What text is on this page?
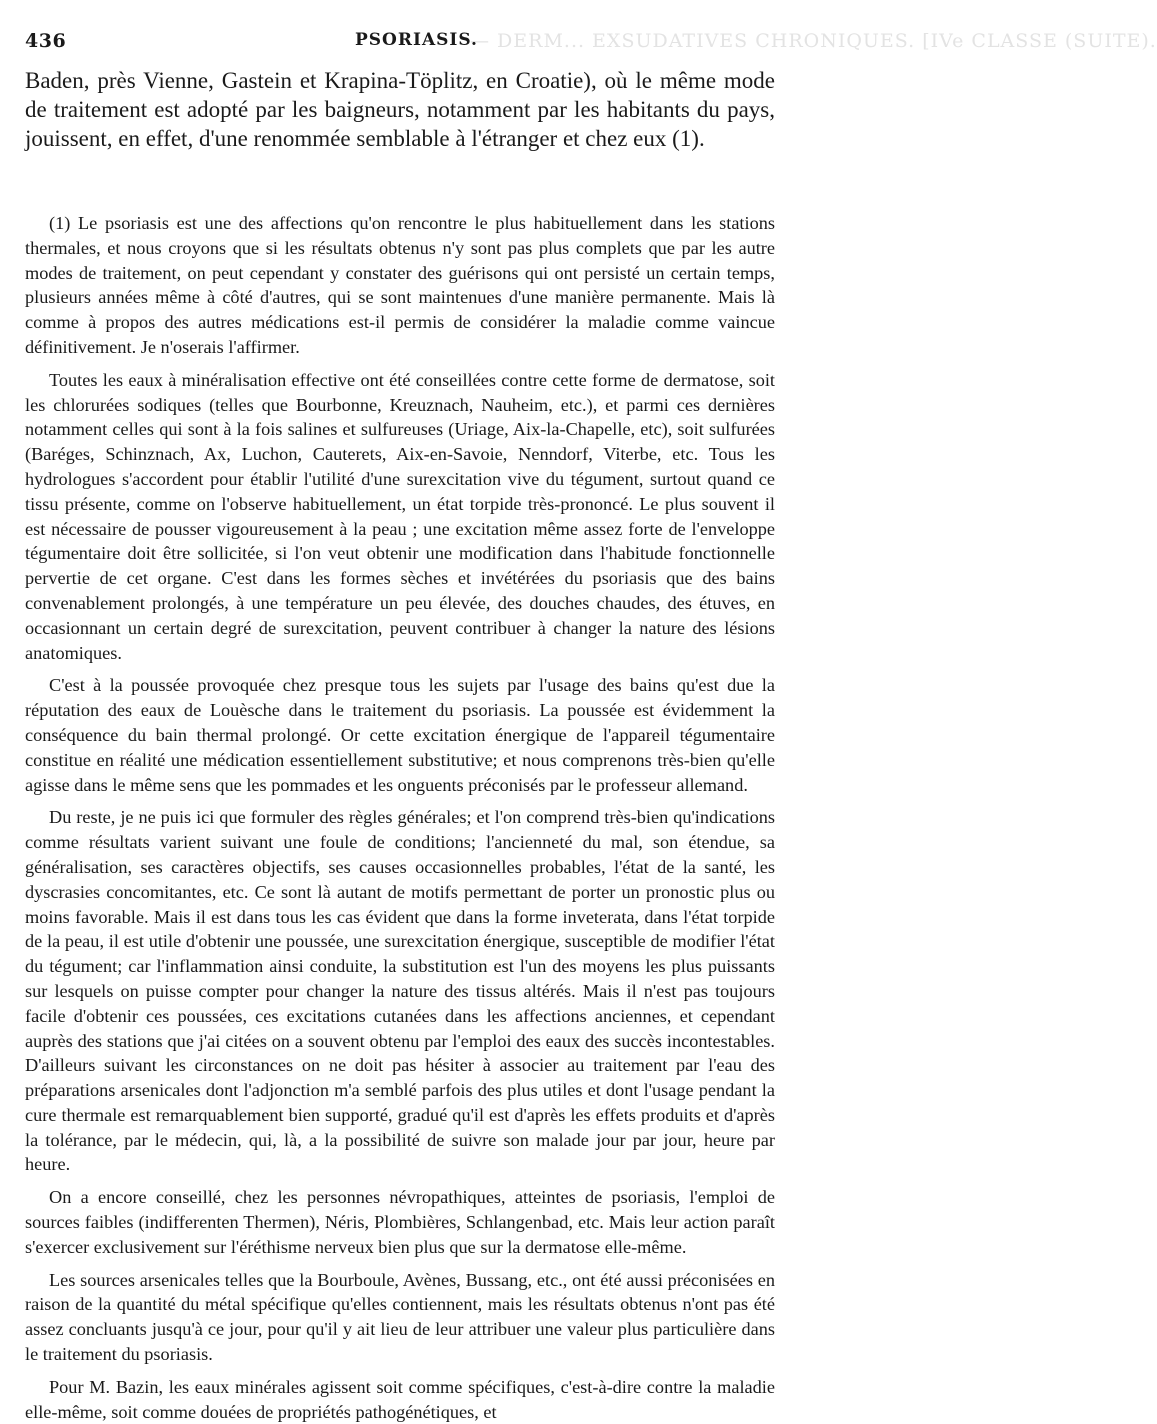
— DERM... EXSUDATIVES CHRONIQUES. [IVe CLASSE (SUITE).
436	PSORIASIS.

Baden, près Vienne, Gastein et Krapina-Töplitz, en Croatie), où le même mode de traitement est adopté par les baigneurs, notamment par les habitants du pays, jouissent, en effet, d'une renommée semblable à l'étranger et chez eux (1).

(1) Le psoriasis est une des affections qu'on rencontre le plus habituellement dans les stations thermales, et nous croyons que si les résultats obtenus n'y sont pas plus complets que par les autre modes de traitement, on peut cependant y constater des guérisons qui ont persisté un certain temps, plusieurs années même à côté d'autres, qui se sont maintenues d'une manière permanente. Mais là comme à propos des autres médications est-il permis de considérer la maladie comme vaincue définitivement. Je n'oserais l'affirmer.

Toutes les eaux à minéralisation effective ont été conseillées contre cette forme de dermatose, soit les chlorurées sodiques (telles que Bourbonne, Kreuznach, Nauheim, etc.), et parmi ces dernières notamment celles qui sont à la fois salines et sulfureuses (Uriage, Aix-la-Chapelle, etc), soit sulfurées (Baréges, Schinznach, Ax, Luchon, Cauterets, Aix-en-Savoie, Nenndorf, Viterbe, etc. Tous les hydrologues s'accordent pour établir l'utilité d'une surexcitation vive du tégument, surtout quand ce tissu présente, comme on l'observe habituellement, un état torpide très-prononcé. Le plus souvent il est nécessaire de pousser vigoureusement à la peau ; une excitation même assez forte de l'enveloppe tégumentaire doit être sollicitée, si l'on veut obtenir une modification dans l'habitude fonctionnelle pervertie de cet organe. C'est dans les formes sèches et invétérées du psoriasis que des bains convenablement prolongés, à une température un peu élevée, des douches chaudes, des étuves, en occasionnant un certain degré de surexcitation, peuvent contribuer à changer la nature des lésions anatomiques.

C'est à la poussée provoquée chez presque tous les sujets par l'usage des bains qu'est due la réputation des eaux de Louèsche dans le traitement du psoriasis. La poussée est évidemment la conséquence du bain thermal prolongé. Or cette excitation énergique de l'appareil tégumentaire constitue en réalité une médication essentiellement substitutive; et nous comprenons très-bien qu'elle agisse dans le même sens que les pommades et les onguents préconisés par le professeur allemand.

Du reste, je ne puis ici que formuler des règles générales; et l'on comprend très-bien qu'indications comme résultats varient suivant une foule de conditions; l'ancienneté du mal, son étendue, sa généralisation, ses caractères objectifs, ses causes occasionnelles probables, l'état de la santé, les dyscrasies concomitantes, etc. Ce sont là autant de motifs permettant de porter un pronostic plus ou moins favorable. Mais il est dans tous les cas évident que dans la forme inveterata, dans l'état torpide de la peau, il est utile d'obtenir une poussée, une surexcitation énergique, susceptible de modifier l'état du tégument; car l'inflammation ainsi conduite, la substitution est l'un des moyens les plus puissants sur lesquels on puisse compter pour changer la nature des tissus altérés. Mais il n'est pas toujours facile d'obtenir ces poussées, ces excitations cutanées dans les affections anciennes, et cependant auprès des stations que j'ai citées on a souvent obtenu par l'emploi des eaux des succès incontestables. D'ailleurs suivant les circonstances on ne doit pas hésiter à associer au traitement par l'eau des préparations arsenicales dont l'adjonction m'a semblé parfois des plus utiles et dont l'usage pendant la cure thermale est remarquablement bien supporté, gradué qu'il est d'après les effets produits et d'après la tolérance, par le médecin, qui, là, a la possibilité de suivre son malade jour par jour, heure par heure.

On a encore conseillé, chez les personnes névropathiques, atteintes de psoriasis, l'emploi de sources faibles (indifferenten Thermen), Néris, Plombières, Schlangenbad, etc. Mais leur action paraît s'exercer exclusivement sur l'éréthisme nerveux bien plus que sur la dermatose elle-même.

Les sources arsenicales telles que la Bourboule, Avènes, Bussang, etc., ont été aussi préconisées en raison de la quantité du métal spécifique qu'elles contiennent, mais les résultats obtenus n'ont pas été assez concluants jusqu'à ce jour, pour qu'il y ait lieu de leur attribuer une valeur plus particulière dans le traitement du psoriasis.

Pour M. Bazin, les eaux minérales agissent soit comme spécifiques, c'est-à-dire contre la maladie elle-même, soit comme douées de propriétés pathogénétiques, et
